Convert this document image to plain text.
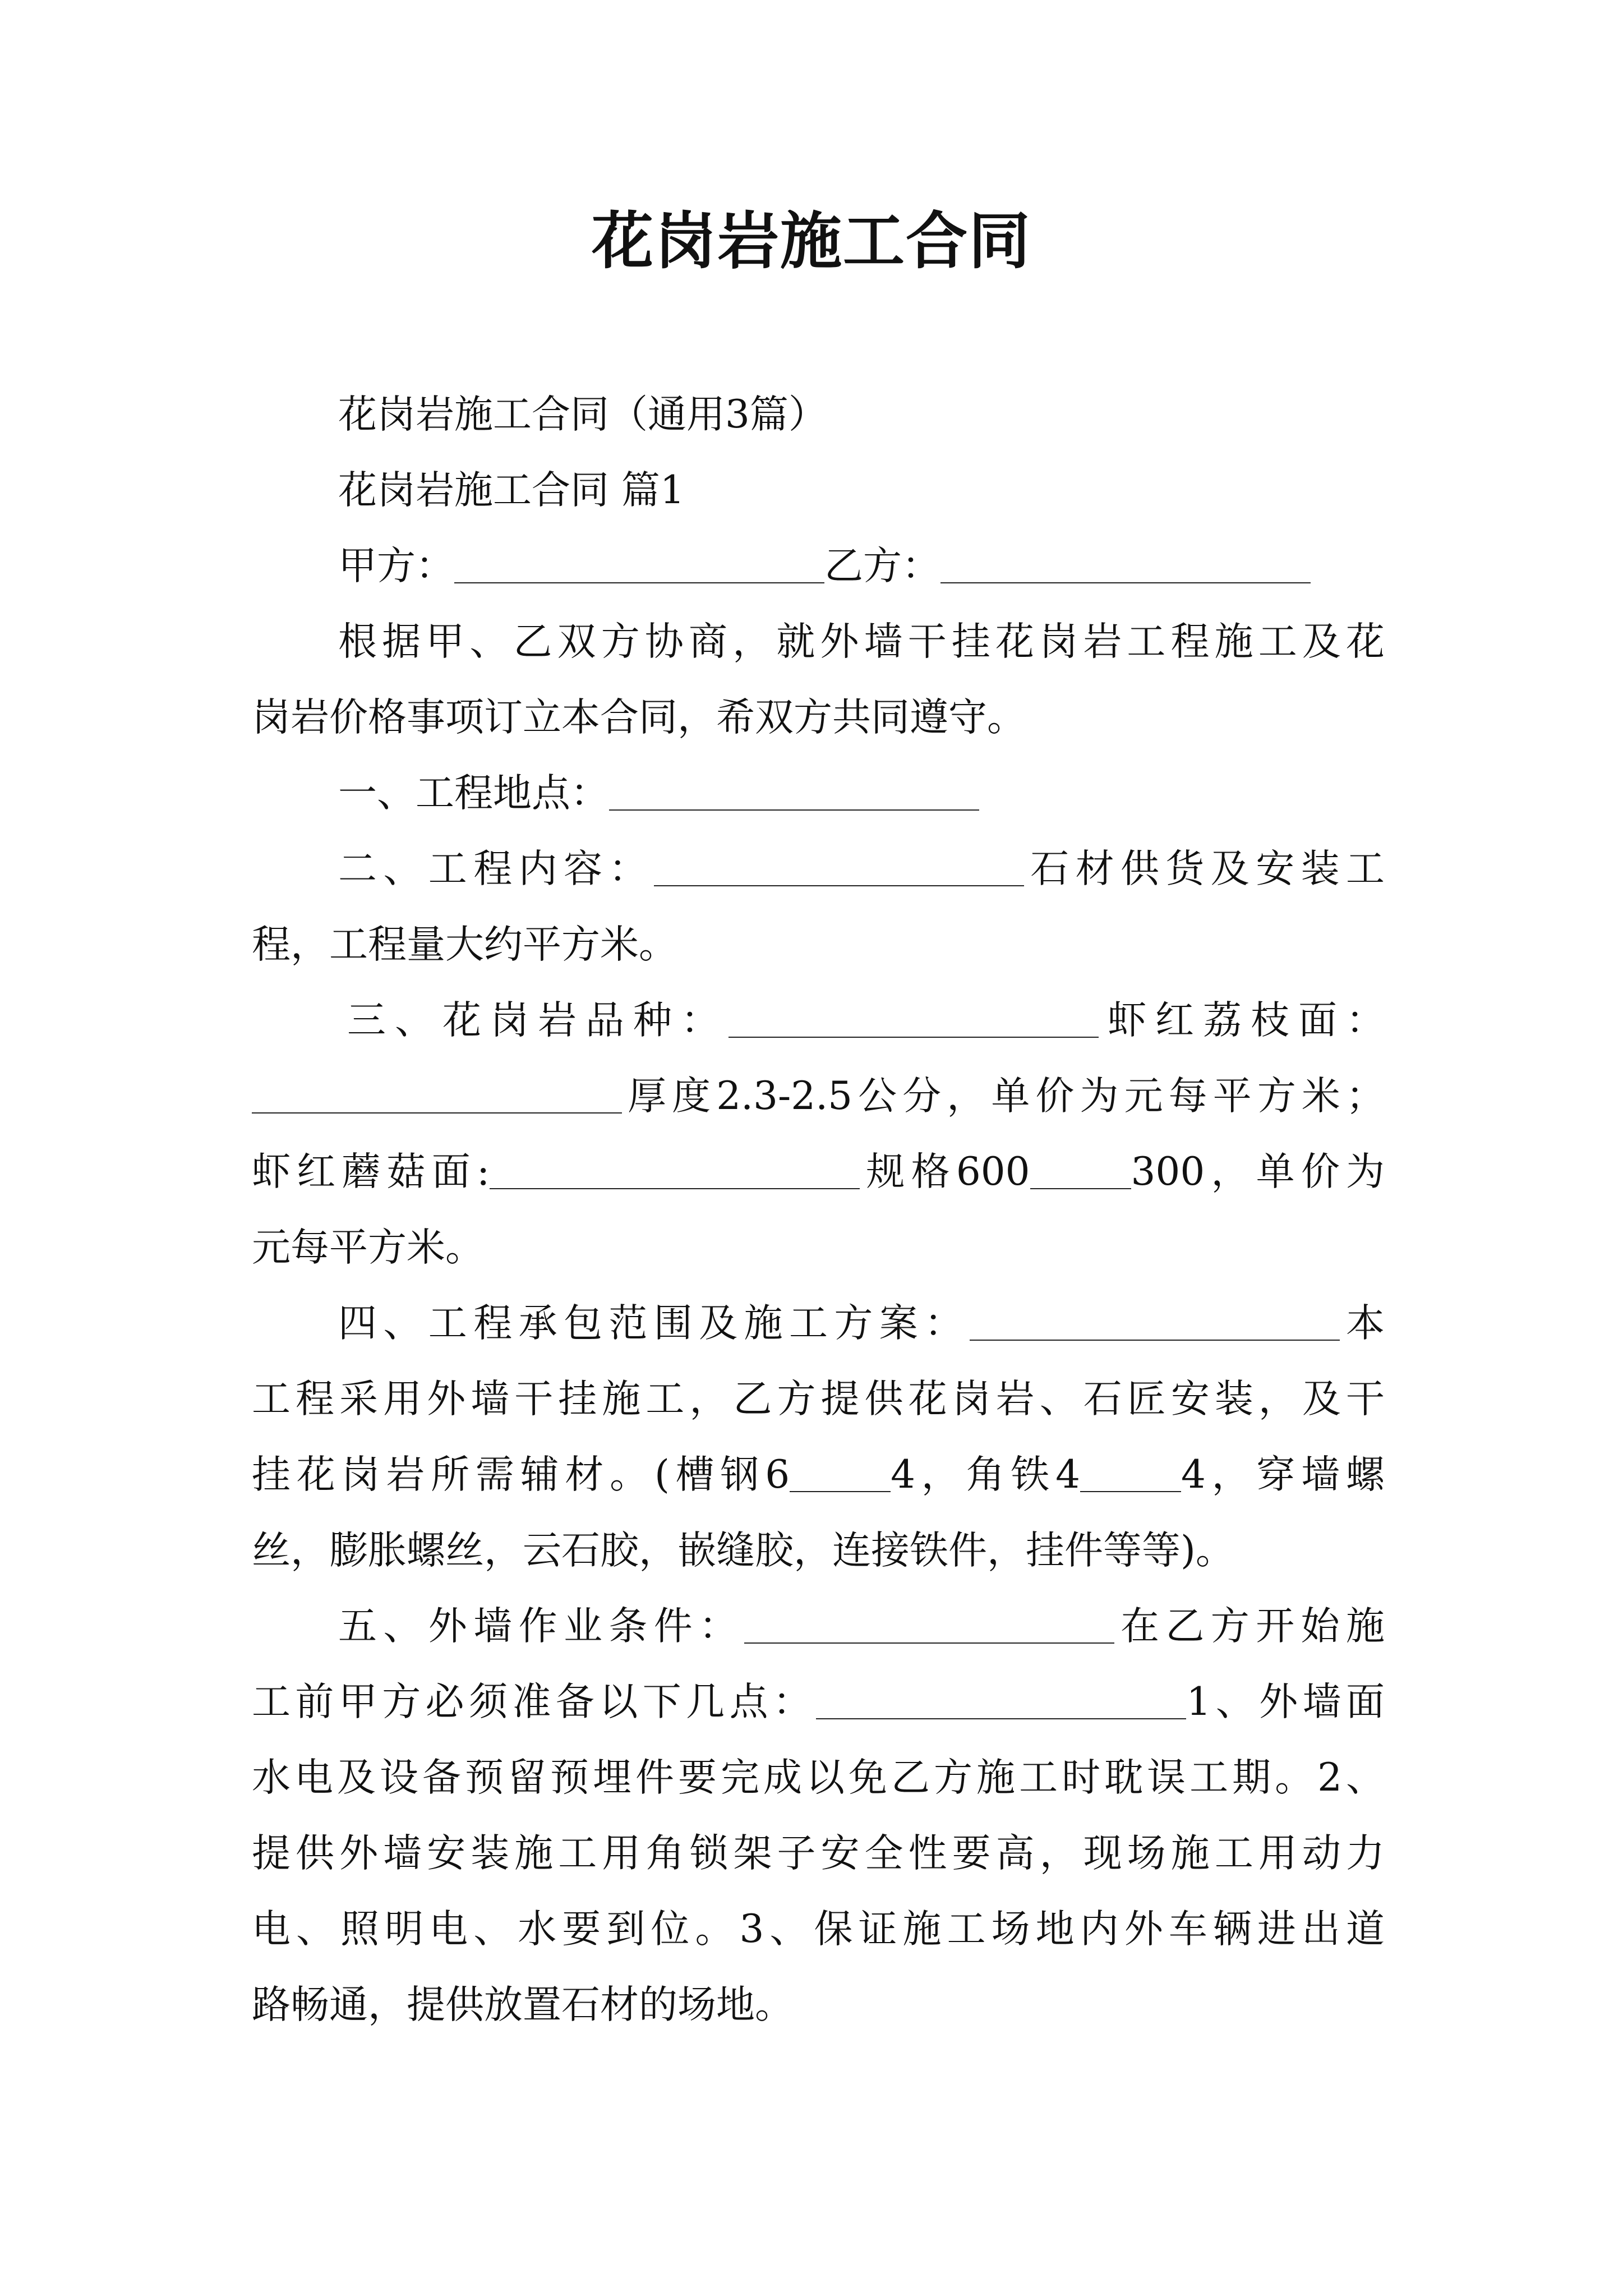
花岗岩施工合同
花岗岩施工合同（通用3篇）
花岗岩施工合同 篇1
甲方：	乙方：
根据甲、乙双方协商，就外墙干挂花岗岩工程施工及花
岗岩价格事项订立本合同，希双方共同遵守。
一、工程地点：
二、工程内容：	石材供货及安装工
程，工程量大约平方米。
三、花岗岩品种：	虾红荔枝面：
厚度2.3-2.5公分，单价为元每平方米；
虾红蘑菇面:	规格600	300，单价为
元每平方米。
四、工程承包范围及施工方案：	本
工程采用外墙干挂施工，乙方提供花岗岩、石匠安装，及干
挂花岗岩所需辅材。(槽钢6	4，角铁4	4，穿墙螺
丝，膨胀螺丝，云石胶，嵌缝胶，连接铁件，挂件等等)。
五、外墙作业条件：	在乙方开始施
工前甲方必须准备以下几点：	1、外墙面
水电及设备预留预埋件要完成以免乙方施工时耽误工期。2、
提供外墙安装施工用角锁架子安全性要高，现场施工用动力
电、照明电、水要到位。3、保证施工场地内外车辆进出道
路畅通，提供放置石材的场地。
